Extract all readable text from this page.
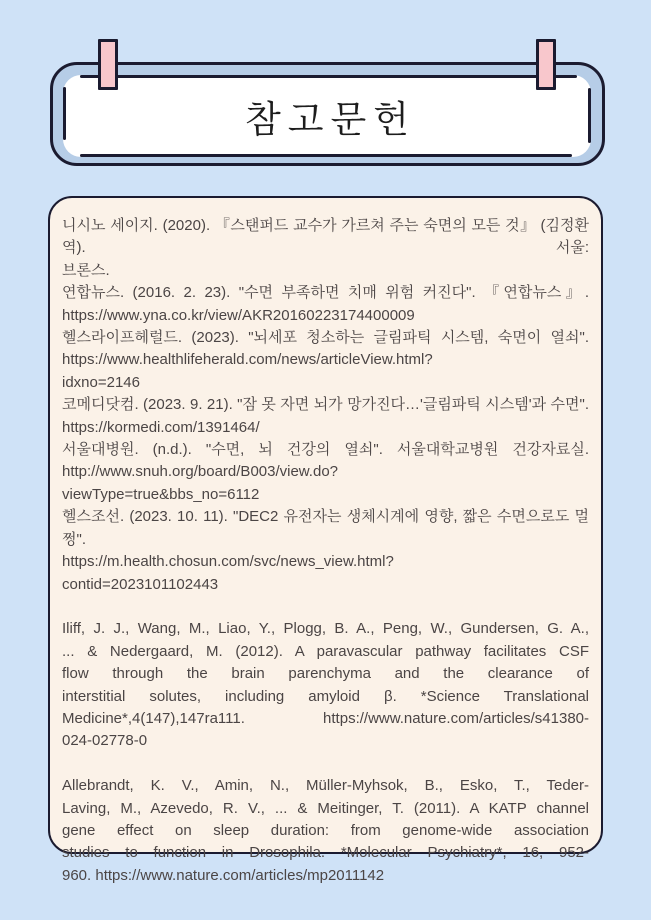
참고문헌
니시노 세이지. (2020). 『스탠퍼드 교수가 가르쳐 주는 숙면의 모든 것』 (김정환 역). 서울:
브론스.
연합뉴스. (2016. 2. 23). "수면 부족하면 치매 위험 커진다". 『연합뉴스』.
https://www.yna.co.kr/view/AKR20160223174400009
헬스라이프헤럴드. (2023). "뇌세포 청소하는 글림파틱 시스템, 숙면이 열쇠".
https://www.healthlifeherald.com/news/articleView.html?
idxno=2146
코메디닷컴. (2023. 9. 21). "잠 못 자면 뇌가 망가진다…'글림파틱 시스템'과 수면".
https://kormedi.com/1391464/
서울대병원. (n.d.). "수면, 뇌 건강의 열쇠". 서울대학교병원 건강자료실.
http://www.snuh.org/board/B003/view.do?
viewType=true&bbs_no=6112
헬스조선. (2023. 10. 11). "DEC2 유전자는 생체시계에 영향, 짧은 수면으로도 멀쩡".
https://m.health.chosun.com/svc/news_view.html?
contid=2023101102443
Iliff, J. J., Wang, M., Liao, Y., Plogg, B. A., Peng, W., Gundersen, G. A.,
... & Nedergaard, M. (2012). A paravascular pathway facilitates CSF
flow through the brain parenchyma and the clearance of
interstitial solutes, including amyloid β. *Science Translational
Medicine*,4(147),147ra111. https://www.nature.com/articles/s41380-
024-02778-0
Allebrandt, K. V., Amin, N., Müller-Myhsok, B., Esko, T., Teder-
Laving, M., Azevedo, R. V., ... & Meitinger, T. (2011). A KATP channel
gene effect on sleep duration: from genome-wide association
studies to function in Drosophila. *Molecular Psychiatry*, 16, 952-
960. https://www.nature.com/articles/mp2011142
